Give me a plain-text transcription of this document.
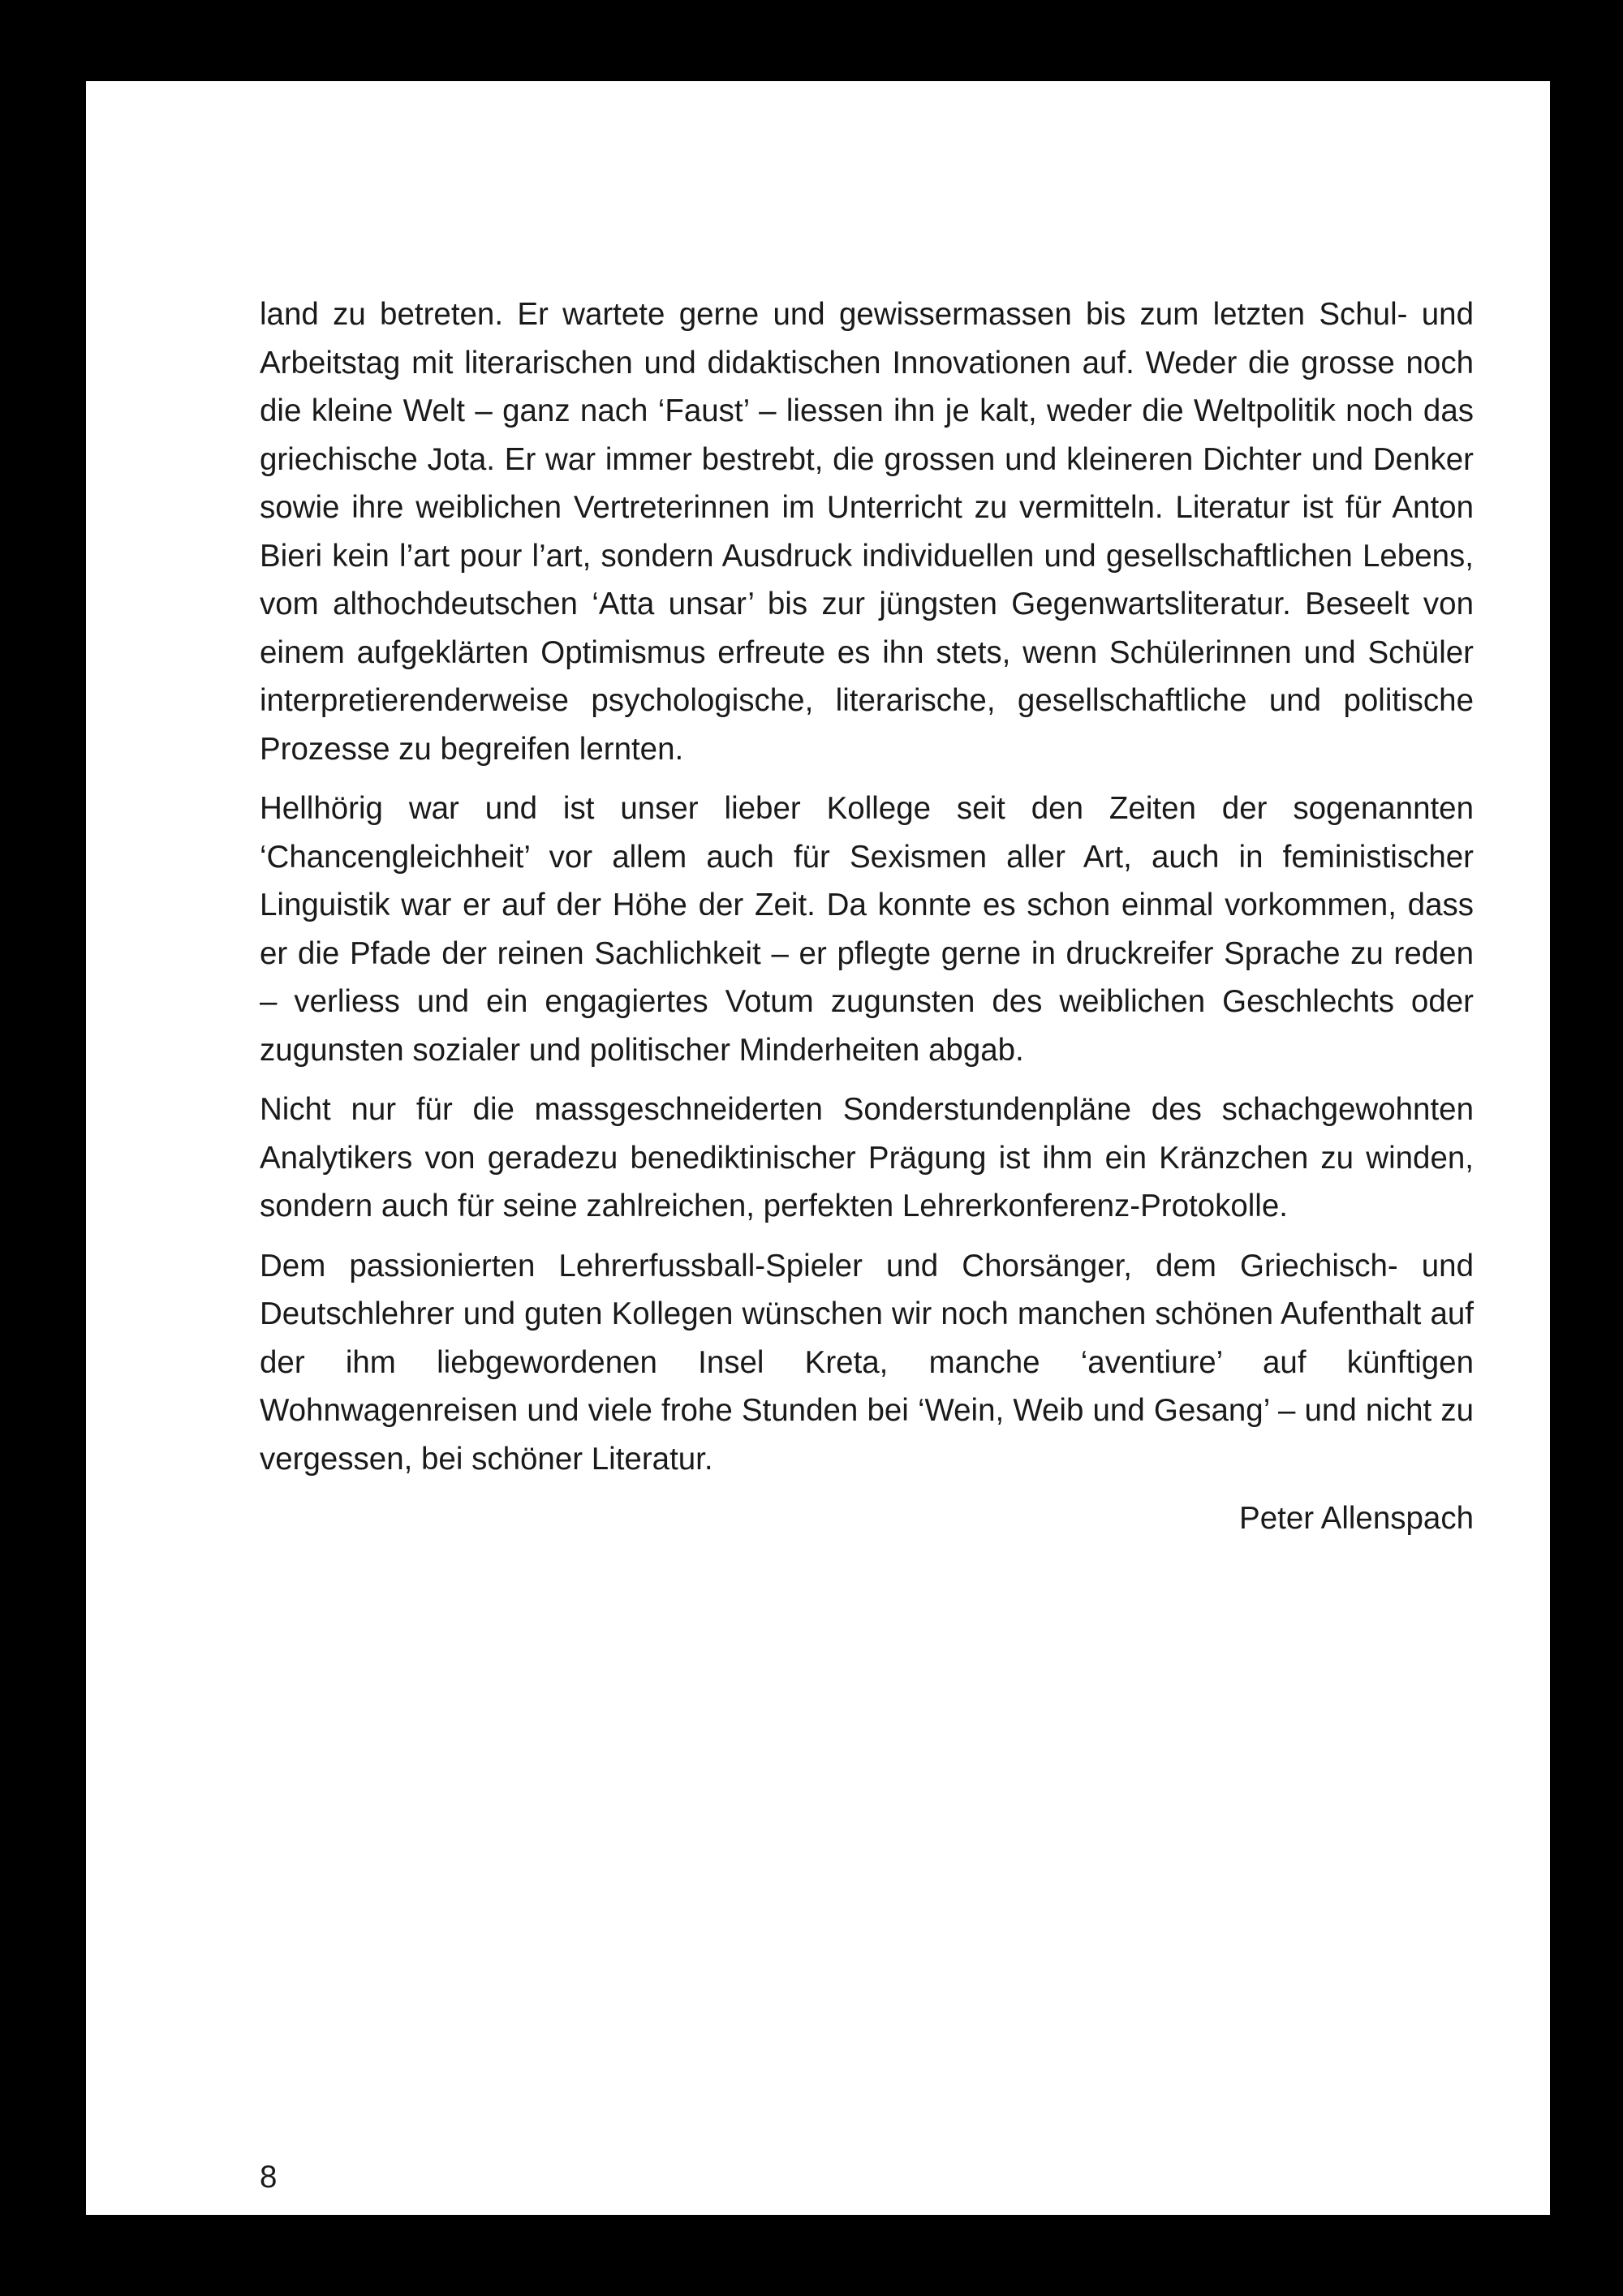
land zu betreten. Er wartete gerne und gewissermassen bis zum letzten Schul- und Arbeitstag mit literarischen und didaktischen Innovationen auf. Weder die grosse noch die kleine Welt – ganz nach ‘Faust’ – liessen ihn je kalt, weder die Weltpolitik noch das griechische Jota. Er war immer bestrebt, die grossen und kleineren Dichter und Denker sowie ihre weiblichen Vertreterinnen im Unterricht zu vermitteln. Literatur ist für Anton Bieri kein l’art pour l’art, sondern Ausdruck individuellen und gesellschaftlichen Lebens, vom althochdeutschen ‘Atta unsar’ bis zur jüngsten Gegenwartsliteratur. Beseelt von einem aufgeklärten Optimismus erfreute es ihn stets, wenn Schülerinnen und Schüler interpretierenderweise psychologische, literarische, gesellschaftliche und politische Prozesse zu begreifen lernten.

Hellhörig war und ist unser lieber Kollege seit den Zeiten der sogenannten ‘Chancengleichheit’ vor allem auch für Sexismen aller Art, auch in feministischer Linguistik war er auf der Höhe der Zeit. Da konnte es schon einmal vorkommen, dass er die Pfade der reinen Sachlichkeit – er pflegte gerne in druckreifer Sprache zu reden – verliess und ein engagiertes Votum zugunsten des weiblichen Geschlechts oder zugunsten sozialer und politischer Minderheiten abgab.

Nicht nur für die massgeschneiderten Sonderstundenpläne des schachgewohnten Analytikers von geradezu benediktinischer Prägung ist ihm ein Kränzchen zu winden, sondern auch für seine zahlreichen, perfekten Lehrerkonferenz-Protokolle.

Dem passionierten Lehrerfussball-Spieler und Chorsänger, dem Griechisch- und Deutschlehrer und guten Kollegen wünschen wir noch manchen schönen Aufenthalt auf der ihm liebgewordenen Insel Kreta, manche ‘aventiure’ auf künftigen Wohnwagenreisen und viele frohe Stunden bei ‘Wein, Weib und Gesang’ – und nicht zu vergessen, bei schöner Literatur.

Peter Allenspach
8
